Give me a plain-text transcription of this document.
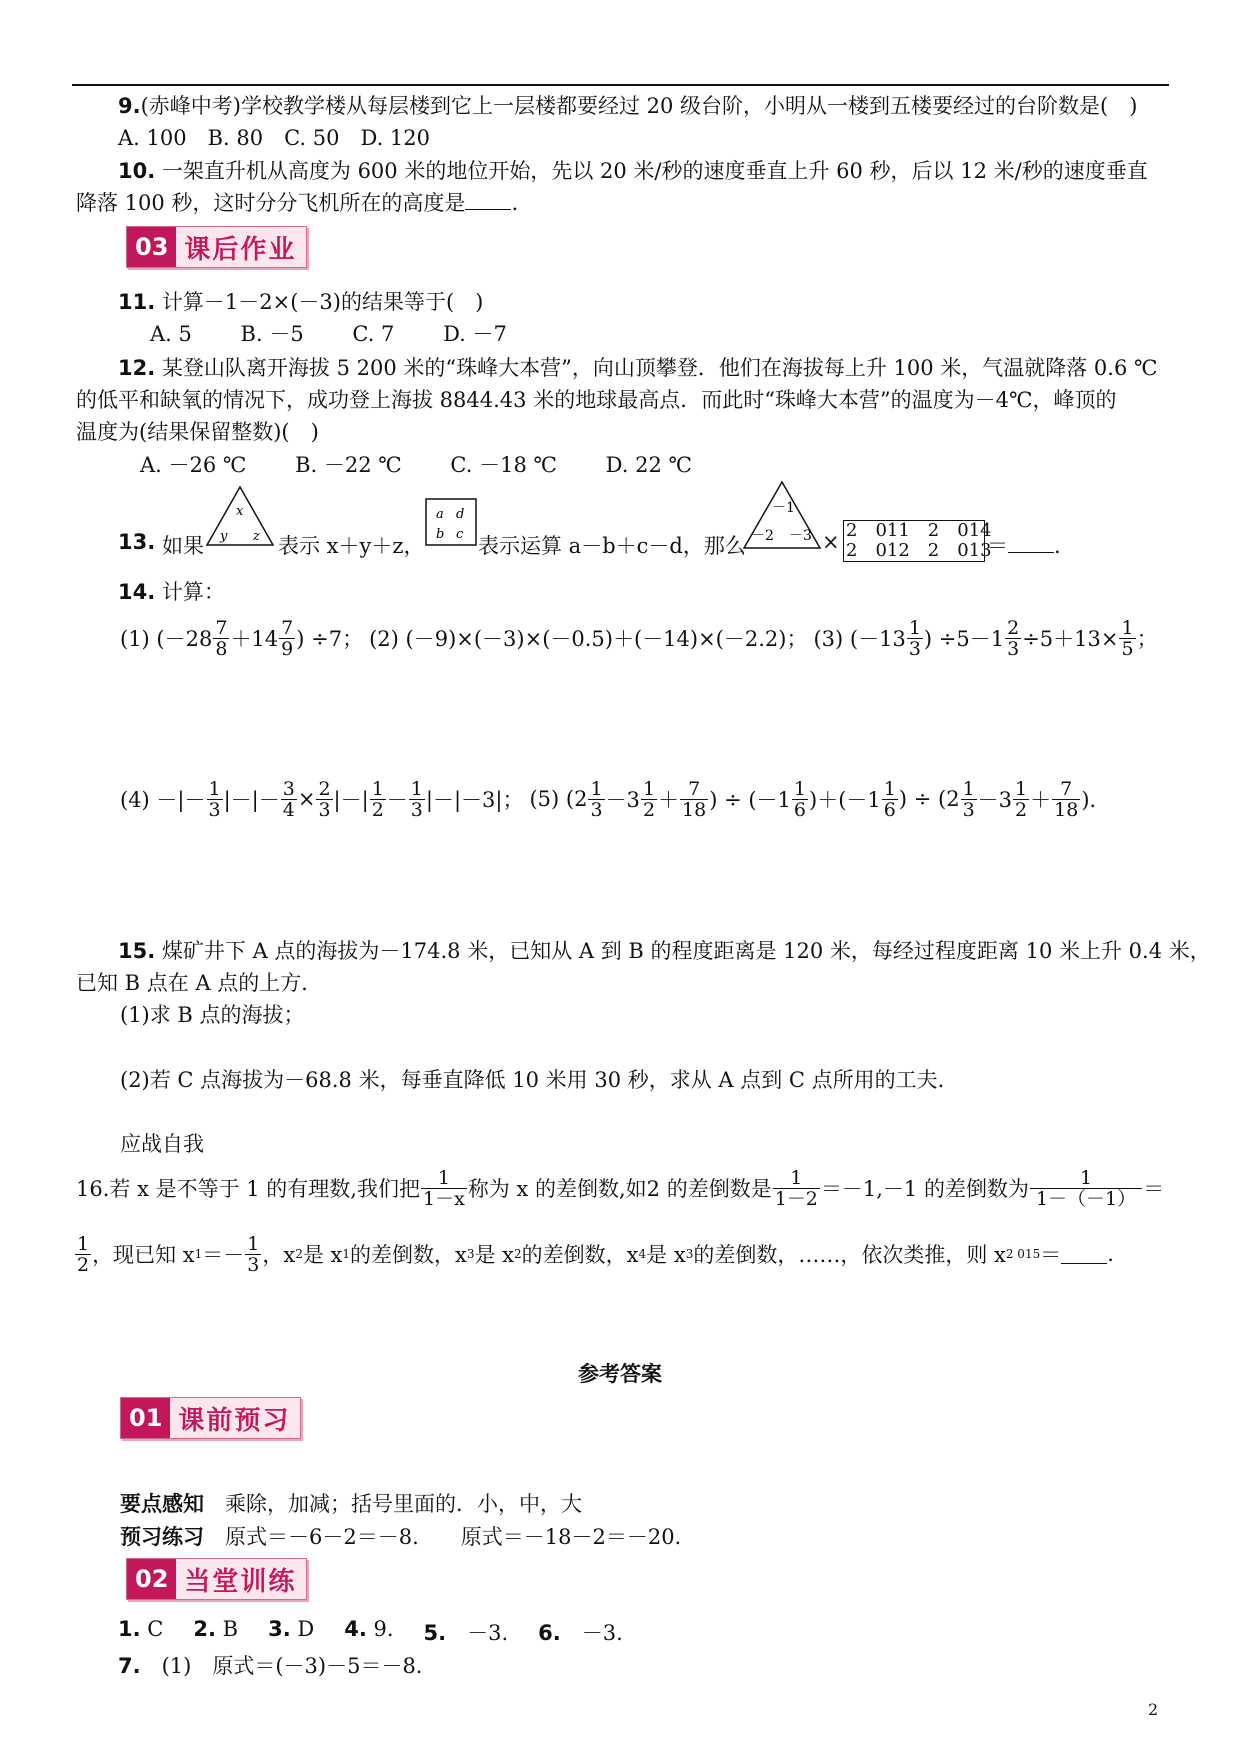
9.(赤峰中考)学校教学楼从每层楼到它上一层楼都要经过 20 级台阶，小明从一楼到五楼要经过的台阶数是(　)
A. 100　B. 80　C. 50　D. 120
10. 一架直升机从高度为 600 米的地位开始，先以 20 米/秒的速度垂直上升 60 秒，后以 12 米/秒的速度垂直
降落 100 秒，这时分分飞机所在的高度是 .
03 课后作业
11. 计算－1－2×(－3)的结果等于(　)
A. 5　　 B. －5　　 C. 7　　 D. －7
12. 某登山队离开海拔 5 200 米的“珠峰大本营”，向山顶攀登．他们在海拔每上升 100 米，气温就降落 0.6 ℃
的低平和缺氧的情况下，成功登上海拔 8844.43 米的地球最高点．而此时“珠峰大本营”的温度为－4℃，峰顶的
温度为(结果保留整数)(　)
A. －26 ℃　　 B. －22 ℃　　 C. －18 ℃　　 D. 22 ℃
13. 如果
x
y z 表示 x＋y＋z，
a d
b c 表示运算 a－b＋c－d，那么
－1
－2 －3 × 2　011　2　014
2　012　2　013
＝ .
14. 计算：
(1) ($-28 \frac{7}{8} +14 \frac{7}{9}$ ) ÷7； (2) (－9)×(－3)×(－0.5)＋(－14)×(－2.2)； (3) ($-13 \frac{1}{3}$ ) $\div 5-1 \frac{2}{3} \div 5+13\times \frac{1}{5}$ ；
(4) －|－ $\frac{1}{3}$ |－|－ $\frac{3}{4} \times \frac{2}{3}$ |－| $\frac{1}{2} - \frac{1}{3} |-|-3|$； (5) ($2 \frac{1}{3} -3 \frac{1}{2} + \frac{7}{18}$ ) ÷ $(-1 \frac{1}{6} )+(-1 \frac{1}{6}$ ) ÷ ($2 \frac{1}{3} -3 \frac{1}{2} + \frac{7}{18}$ )．
15. 煤矿井下 A 点的海拔为－174.8 米，已知从 A 到 B 的程度距离是 120 米，每经过程度距离 10 米上升 0.4 米，
已知 B 点在 A 点的上方．
(1)求 B 点的海拔；
(2)若 C 点海拔为－68.8 米，每垂直降低 10 米用 30 秒，求从 A 点到 C 点所用的工夫．
应战自我
16.若 x 是不等于 1 的有理数,我们把 $\frac{1}{1-x}$ 称为 x 的差倒数,如2 的差倒数是 $\frac{1}{1-2} =-1,-1$ 的差倒数为 $\frac{1}{1-(-1)}$ ＝
$\frac{1}{2}$ ，现已知 x $1 =- \frac{1}{3}$ ，x 2 是 x 1 的差倒数，x 3 是 x 2 的差倒数，x 4 是 x 3 的差倒数，……，依次类推，则 x 2 015 ＝ .
参考答案
01 课前预习
要点感知　 乘除，加减；括号里面的．小，中，大
预习练习　 原式＝－6－2＝－8.　　原式＝－18－2＝－20.
02 当堂训练
1. C 2. B 3. D 4. 9. 5.　 －3. 6.　 －3.
7.　 (1)　原式＝(－3)－5＝－8.
2
